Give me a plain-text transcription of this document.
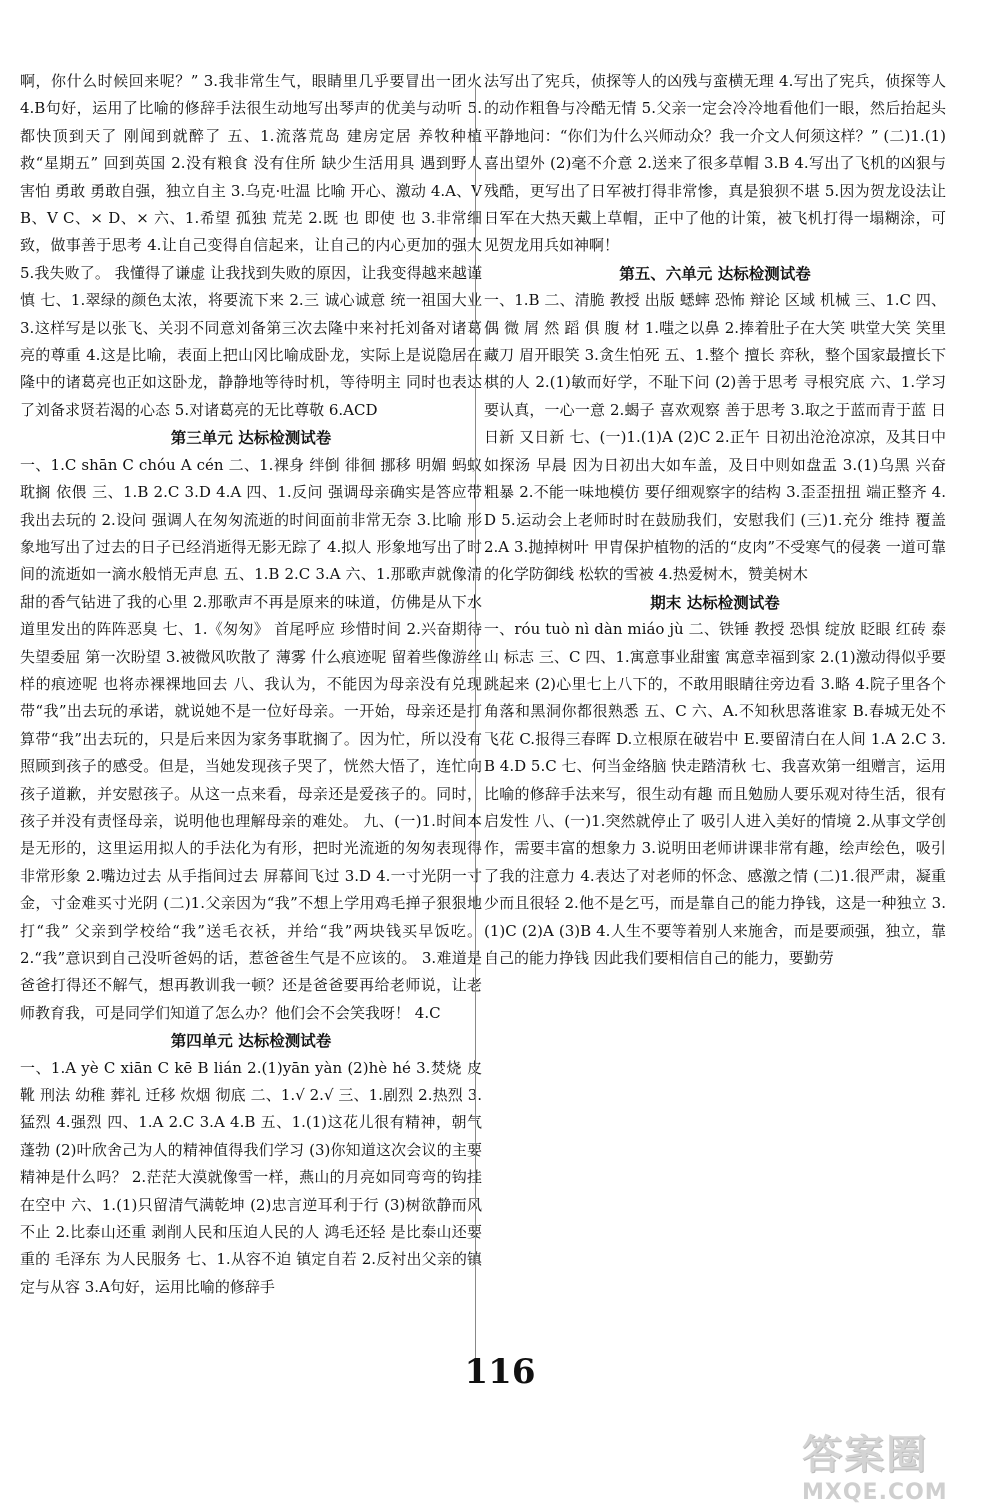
啊，你什么时候回来呢？” 3.我非常生气，眼睛里几乎要冒出一团火 4.B句好，运用了比喻的修辞手法很生动地写出琴声的优美与动听 5.都快顶到天了 刚闻到就醉了 五、1.流落荒岛 建房定居 养牧种植 救“星期五” 回到英国 2.没有粮食 没有住所 缺少生活用具 遇到野人 害怕 勇敢 勇敢自强，独立自主 3.乌克·吐温 比喻 开心、激动 4.A、V B、V C、× D、× 六、1.希望 孤独 荒芜 2.既 也 即使 也 3.非常细致，做事善于思考 4.让自己变得自信起来，让自己的内心更加的强大 5.我失败了。 我懂得了谦虚 让我找到失败的原因，让我变得越来越谨慎 七、1.翠绿的颜色太浓，将要流下来 2.三 诚心诚意 统一祖国大业 3.这样写是以张飞、关羽不同意刘备第三次去隆中来衬托刘备对诸葛亮的尊重 4.这是比喻，表面上把山冈比喻成卧龙，实际上是说隐居在隆中的诸葛亮也正如这卧龙，静静地等待时机，等待明主 同时也表达了刘备求贤若渴的心态 5.对诸葛亮的无比尊敬 6.ACD

第三单元 达标检测试卷

一、1.C shān C chóu A cén 二、1.裸身 绊倒 徘徊 挪移 明媚 蚂蚁 耽搁 依偎 三、1.B 2.C 3.D 4.A 四、1.反问 强调母亲确实是答应带我出去玩的 2.设问 强调人在匆匆流逝的时间面前非常无奈 3.比喻 形象地写出了过去的日子已经消逝得无影无踪了 4.拟人 形象地写出了时间的流逝如一滴水般悄无声息 五、1.B 2.C 3.A 六、1.那歌声就像清甜的香气钻进了我的心里 2.那歌声不再是原来的味道，仿佛是从下水道里发出的阵阵恶臭 七、1.《匆匆》 首尾呼应 珍惜时间 2.兴奋期待 失望委屈 第一次盼望 3.被微风吹散了 薄雾 什么痕迹呢 留着些像游丝样的痕迹呢 也将赤裸裸地回去 八、我认为，不能因为母亲没有兑现带“我”出去玩的承诺，就说她不是一位好母亲。一开始，母亲还是打算带“我”出去玩的，只是后来因为家务事耽搁了。因为忙，所以没有照顾到孩子的感受。但是，当她发现孩子哭了，恍然大悟了，连忙向孩子道歉，并安慰孩子。从这一点来看，母亲还是爱孩子的。同时，孩子并没有责怪母亲，说明他也理解母亲的难处。 九、(一)1.时间本是无形的，这里运用拟人的手法化为有形，把时光流逝的匆匆表现得非常形象 2.嘴边过去 从手指间过去 屏幕间飞过 3.D 4.一寸光阴一寸金，寸金难买寸光阴 (二)1.父亲因为“我”不想上学用鸡毛掸子狠狠地打“我” 父亲到学校给“我”送毛衣袄，并给“我”两块钱买早饭吃。 2.“我”意识到自己没听爸妈的话，惹爸爸生气是不应该的。 3.难道是爸爸打得还不解气，想再教训我一顿？还是爸爸要再给老师说，让老师教育我，可是同学们知道了怎么办？他们会不会笑我呀！ 4.C

第四单元 达标检测试卷

一、1.A yè C xiān C kē B lián 2.(1)yān yàn (2)hè hé 3.焚烧 皮靴 刑法 幼稚 葬礼 迁移 炊烟 彻底 二、1.√ 2.√ 三、1.剧烈 2.热烈 3.猛烈 4.强烈 四、1.A 2.C 3.A 4.B 五、1.(1)这花儿很有精神，朝气蓬勃 (2)叶欣舍己为人的精神值得我们学习 (3)你知道这次会议的主要精神是什么吗？ 2.茫茫大漠就像雪一样，燕山的月亮如同弯弯的钩挂在空中 六、1.(1)只留清气满乾坤 (2)忠言逆耳利于行 (3)树欲静而风不止 2.比泰山还重 剥削人民和压迫人民的人 鸿毛还轻 是比泰山还要重的 毛泽东 为人民服务 七、1.从容不迫 镇定自若 2.反衬出父亲的镇定与从容 3.A句好，运用比喻的修辞手

法写出了宪兵，侦探等人的凶残与蛮横无理 4.写出了宪兵，侦探等人的动作粗鲁与冷酷无情 5.父亲一定会冷冷地看他们一眼，然后抬起头平静地问：“你们为什么兴师动众？我一介文人何须这样？” (二)1.(1)喜出望外 (2)毫不介意 2.送来了很多草帽 3.B 4.写出了飞机的凶狠与残酷，更写出了日军被打得非常惨，真是狼狈不堪 5.因为贺龙设法让日军在大热天戴上草帽，正中了他的计策，被飞机打得一塌糊涂，可见贺龙用兵如神啊！

第五、六单元 达标检测试卷

一、1.B 二、清脆 教授 出版 蟋蟀 恐怖 辩论 区域 机械 三、1.C 四、偶 微 屑 然 蹈 俱 腹 材 1.嗤之以鼻 2.捧着肚子在大笑 哄堂大笑 笑里藏刀 眉开眼笑 3.贪生怕死 五、1.整个 擅长 弈秋，整个国家最擅长下棋的人 2.(1)敏而好学，不耻下问 (2)善于思考 寻根究底 六、1.学习要认真，一心一意 2.蝎子 喜欢观察 善于思考 3.取之于蓝而青于蓝 日日新 又日新 七、(一)1.(1)A (2)C 2.正午 日初出沧沧凉凉，及其日中如探汤 早晨 因为日初出大如车盖，及日中则如盘盂 3.(1)乌黑 兴奋 粗暴 2.不能一味地模仿 要仔细观察字的结构 3.歪歪扭扭 端正整齐 4.D 5.运动会上老师时时在鼓励我们，安慰我们 (三)1.充分 维持 覆盖 2.A 3.抛掉树叶 甲胄保护植物的活的“皮肉”不受寒气的侵袭 一道可靠的化学防御线 松软的雪被 4.热爱树木，赞美树木

期末 达标检测试卷

一、róu tuò nì dàn miáo jù 二、铁锤 教授 恐惧 绽放 眨眼 红砖 泰山 标志 三、C 四、1.寓意事业甜蜜 寓意幸福到家 2.(1)激动得似乎要跳起来 (2)心里七上八下的，不敢用眼睛往旁边看 3.略 4.院子里各个角落和黑洞你都很熟悉 五、C 六、A.不知秋思落谁家 B.春城无处不飞花 C.报得三春晖 D.立根原在破岩中 E.要留清白在人间 1.A 2.C 3.B 4.D 5.C 七、何当金络脑 快走踏清秋 七、我喜欢第一组赠言，运用比喻的修辞手法来写，很生动有趣 而且勉励人要乐观对待生活，很有启发性 八、(一)1.突然就停止了 吸引人进入美好的情境 2.从事文学创作，需要丰富的想象力 3.说明田老师讲课非常有趣，绘声绘色，吸引了我的注意力 4.表达了对老师的怀念、感激之情 (二)1.很严肃，凝重 少而且很轻 2.他不是乞丐，而是靠自己的能力挣钱，这是一种独立 3.(1)C (2)A (3)B 4.人生不要等着别人来施舍，而是要顽强，独立，靠自己的能力挣钱 因此我们要相信自己的能力，要勤劳

116
答案圈
MXQE.COM
